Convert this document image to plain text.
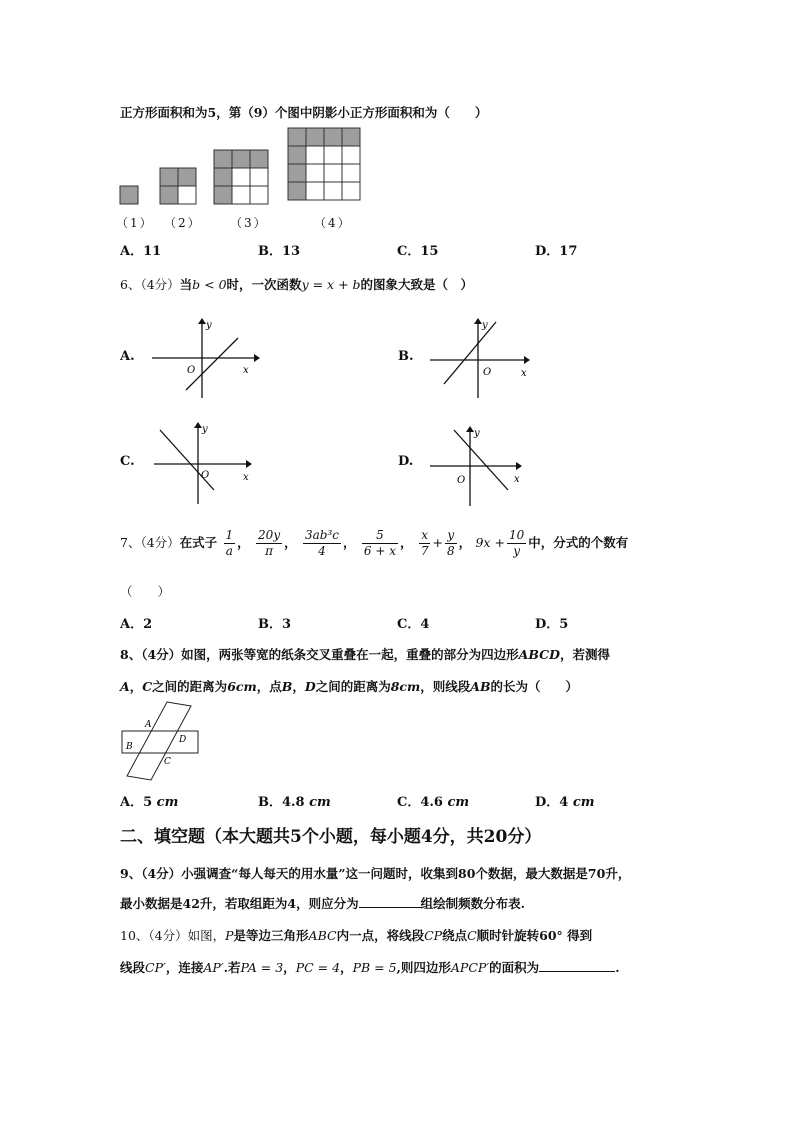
正方形面积和为5，第（9）个图中阴影小正方形面积和为（　　）
（1） （2） （3）	（4）
A．11	B．13	C．15	D．17
6、（4分）当b < 0时，一次函数y = x + b的图象大致是（　）
A.
y
x
O
B.
y
x
O
C.
y
x
O
D.
y
x
O
7、（4分）在式子 $\frac{1}{a}$ ， $\frac{20y}{\pi}$ ， $\frac{\text{3ab³c}}{4}$ ， $\frac{5}{6 + x}$ ， $\frac{x}{7} + \frac{y}{8}$ ， $9x + \frac{10}{y}$ 中，分式的个数有
（　　）
A．2	B．3	C．4	D．5
8、（4分）如图，两张等宽的纸条交叉重叠在一起，重叠的部分为四边形ABCD，若测得
A，C之间的距离为6cm，点B，D之间的距离为8cm，则线段AB的长为（　　）
A
B
C
D
A．5 cm	B．4.8 cm	C．4.6 cm	D．4 cm
二、填空题（本大题共5个小题，每小题4分，共20分）
9、（4分）小强调查“每人每天的用水量”这一问题时，收集到80个数据，最大数据是70升，
最小数据是42升，若取组距为4，则应分为	组绘制频数分布表.
10、（4分）如图，P是等边三角形ABC内一点，将线段CP绕点C顺时针旋转60° 得到
线段CP′，连接AP′.若PA = 3，PC = 4，PB = 5,则四边形APCP′的面积为	.
